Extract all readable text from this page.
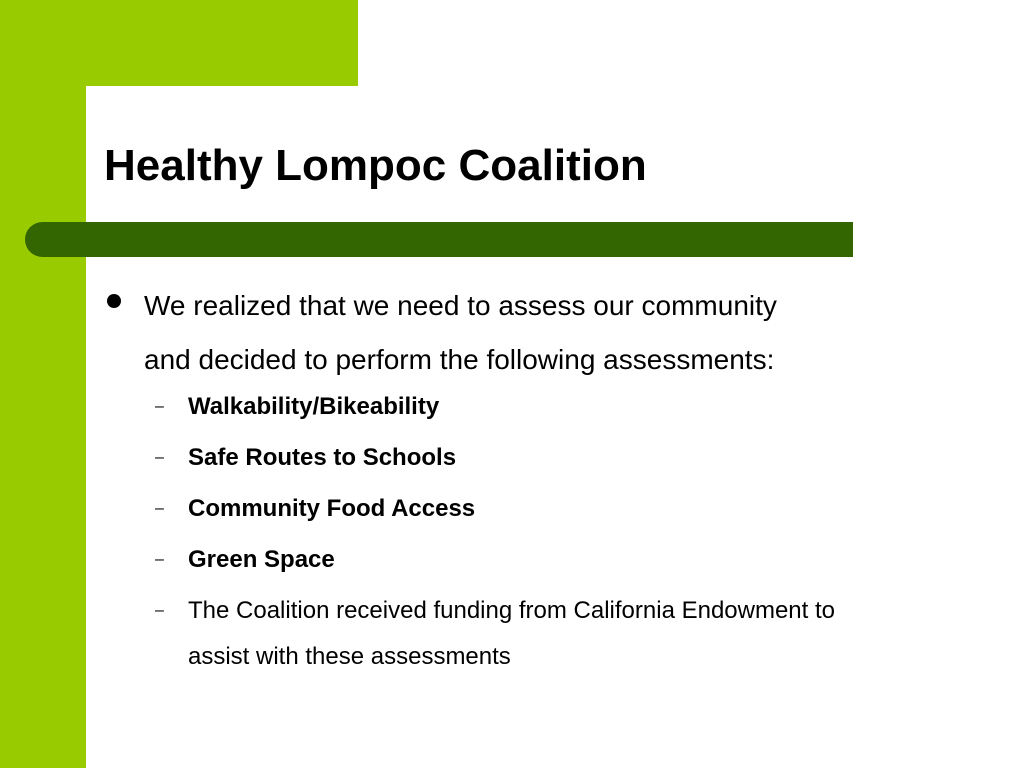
Healthy Lompoc Coalition
We realized that we need to assess our community
and decided to perform the following assessments:
– Walkability/Bikeability
– Safe Routes to Schools
– Community Food Access
– Green Space
– The Coalition received funding from California Endowment to
assist with these assessments
